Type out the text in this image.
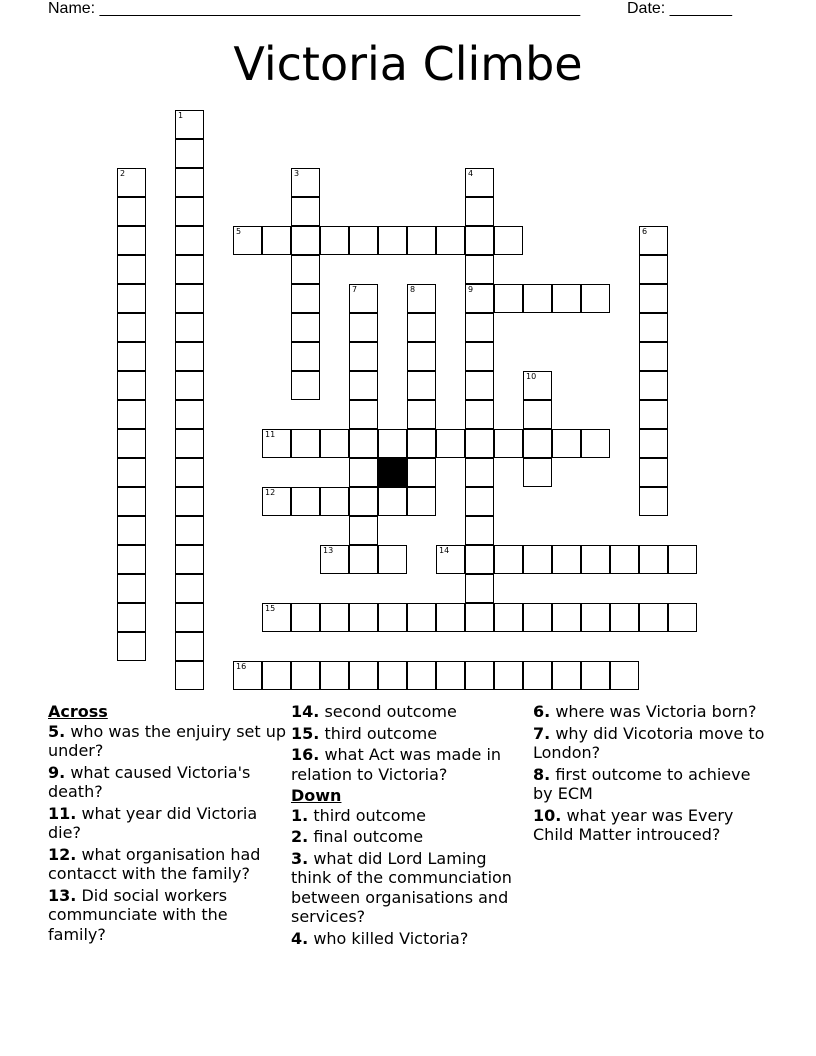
Name: ______________________________________________________	Date: _______
Victoria Climbe
1
2	3	4
9
5	6
7	8
10
11
12
13	14
15
16
Across
5. who was the enjuiry set up under?
9. what caused Victoria's death?
11. what year did Victoria die?
12. what organisation had contacct with the family?
13. Did social workers communciate with the family?
14. second outcome
15. third outcome
16. what Act was made in relation to Victoria?
Down
1. third outcome
2. final outcome
3. what did Lord Laming think of the communciation between organisations and services?
4. who killed Victoria?
6. where was Victoria born?
7. why did Vicotoria move to London?
8. first outcome to achieve by ECM
10. what year was Every Child Matter introuced?
